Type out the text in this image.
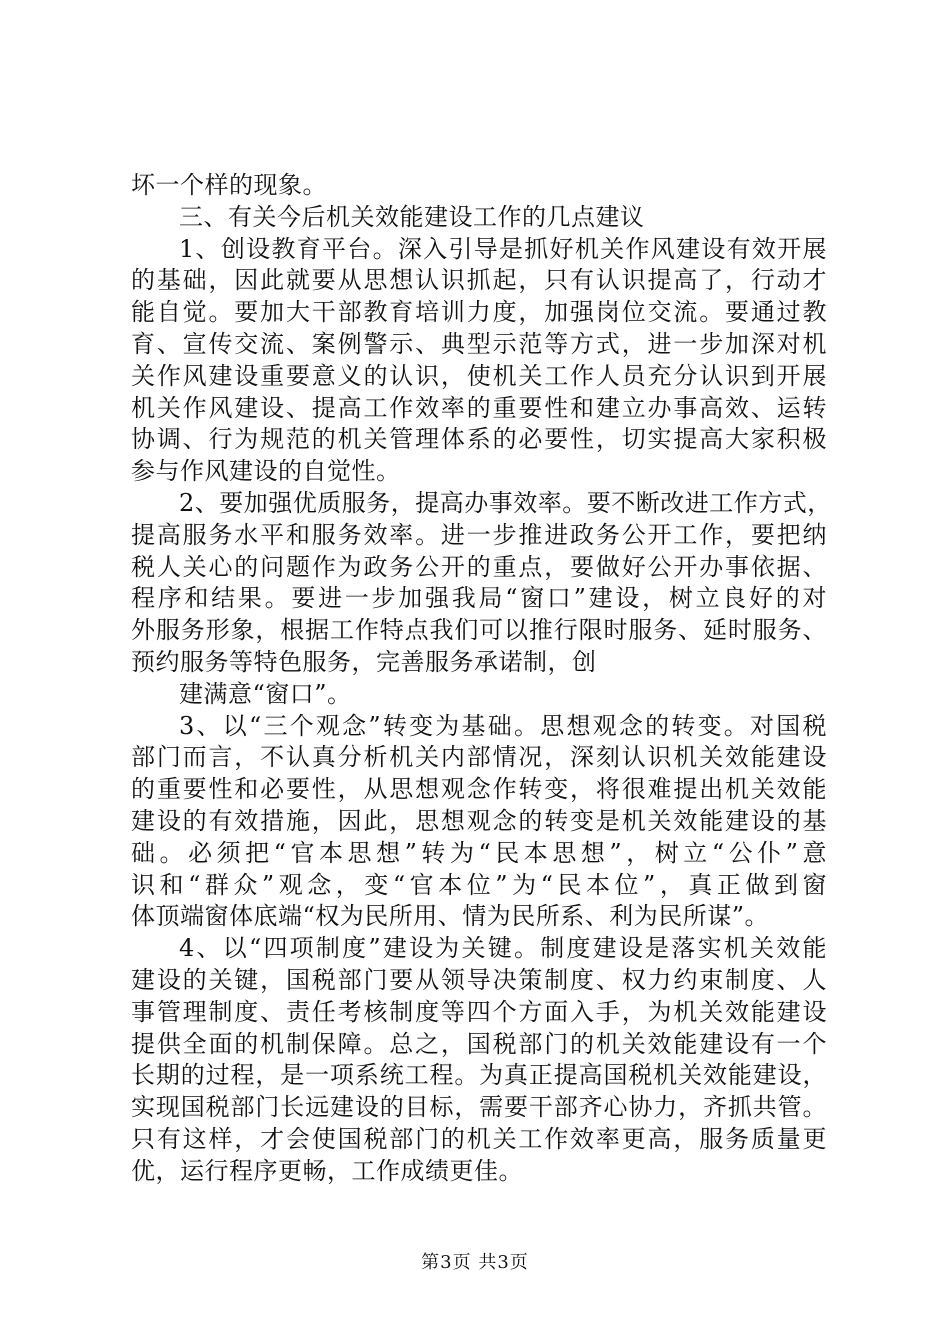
坏一个样的现象。
三、有关今后机关效能建设工作的几点建议
1、创设教育平台。深入引导是抓好机关作风建设有效开展
的基础，因此就要从思想认识抓起，只有认识提高了，行动才
能自觉。要加大干部教育培训力度，加强岗位交流。要通过教
育、宣传交流、案例警示、典型示范等方式，进一步加深对机
关作风建设重要意义的认识，使机关工作人员充分认识到开展
机关作风建设、提高工作效率的重要性和建立办事高效、运转
协调、行为规范的机关管理体系的必要性，切实提高大家积极
参与作风建设的自觉性。
2、要加强优质服务，提高办事效率。要不断改进工作方式，
提高服务水平和服务效率。进一步推进政务公开工作，要把纳
税人关心的问题作为政务公开的重点，要做好公开办事依据、
程序和结果。要进一步加强我局“窗口”建设，树立良好的对
外服务形象，根据工作特点我们可以推行限时服务、延时服务、
预约服务等特色服务，完善服务承诺制，创
建满意“窗口”。
3、以“三个观念”转变为基础。思想观念的转变。对国税
部门而言，不认真分析机关内部情况，深刻认识机关效能建设
的重要性和必要性，从思想观念作转变，将很难提出机关效能
建设的有效措施，因此，思想观念的转变是机关效能建设的基
础。必须把“官本思想”转为“民本思想”，树立“公仆”意
识和“群众”观念，变“官本位”为“民本位”，真正做到窗
体顶端窗体底端“权为民所用、情为民所系、利为民所谋”。
4、以“四项制度”建设为关键。制度建设是落实机关效能
建设的关键，国税部门要从领导决策制度、权力约束制度、人
事管理制度、责任考核制度等四个方面入手，为机关效能建设
提供全面的机制保障。总之，国税部门的机关效能建设有一个
长期的过程，是一项系统工程。为真正提高国税机关效能建设，
实现国税部门长远建设的目标，需要干部齐心协力，齐抓共管。
只有这样，才会使国税部门的机关工作效率更高，服务质量更
优，运行程序更畅，工作成绩更佳。
第3页 共3页
